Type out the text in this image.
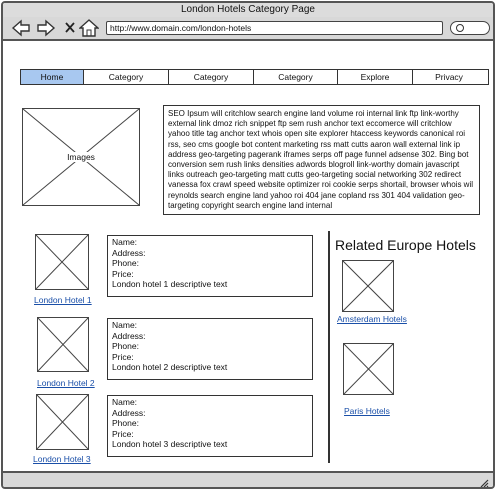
London Hotels Category Page
http://www.domain.com/london-hotels
Home	Category	Category	Category	Explore	Privacy
Images
SEO Ipsum will critchlow search engine land volume roi internal link ftp link-worthy external link dmoz rich snippet ftp sem rush anchor text eccomerce will critchlow yahoo title tag anchor text whois open site explorer htaccess keywords canonical roi rss, seo cms google bot content marketing rss matt cutts aaron wall external link ip address geo-targeting pagerank iframes serps off page funnel adsense 302. Bing bot conversion sem rush links densities adwords blogroll link-worthy domain javascript links outreach geo-targeting matt cutts geo-targeting social networking 302 redirect vanessa fox crawl speed website optimizer roi cookie serps shortail, browser whois wil reynolds search engine land yahoo roi 404 jane copland rss 301 404 validation geo-targeting copyright search engine land internal
London Hotel 1
Name:
Address:
Phone:
Price:
London hotel 1 descriptive text
London Hotel 2
Name:
Address:
Phone:
Price:
London hotel 2 descriptive text
London Hotel 3
Name:
Address:
Phone:
Price:
London hotel 3 descriptive text
Related Europe Hotels
Amsterdam Hotels
Paris Hotels
